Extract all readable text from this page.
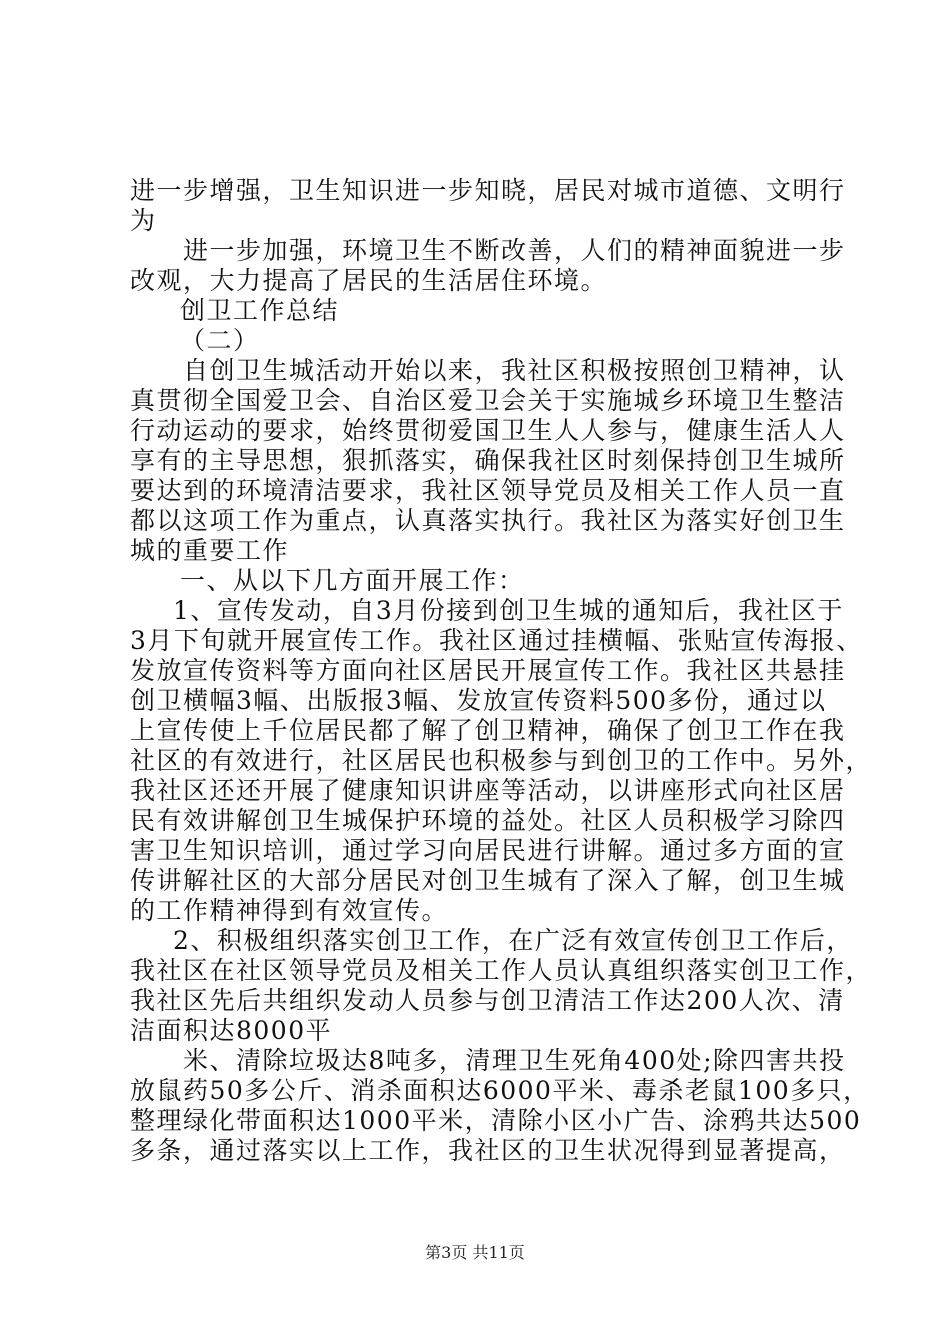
进一步增强，卫生知识进一步知晓，居民对城市道德、文明行
为
进一步加强，环境卫生不断改善，人们的精神面貌进一步
改观，大力提高了居民的生活居住环境。
创卫工作总结
（二）
自创卫生城活动开始以来，我社区积极按照创卫精神，认
真贯彻全国爱卫会、自治区爱卫会关于实施城乡环境卫生整洁
行动运动的要求，始终贯彻爱国卫生人人参与，健康生活人人
享有的主导思想，狠抓落实，确保我社区时刻保持创卫生城所
要达到的环境清洁要求，我社区领导党员及相关工作人员一直
都以这项工作为重点，认真落实执行。我社区为落实好创卫生
城的重要工作
一、从以下几方面开展工作：
1、宣传发动，自3月份接到创卫生城的通知后，我社区于
3月下旬就开展宣传工作。我社区通过挂横幅、张贴宣传海报、
发放宣传资料等方面向社区居民开展宣传工作。我社区共悬挂
创卫横幅3幅、出版报3幅、发放宣传资料500多份，通过以
上宣传使上千位居民都了解了创卫精神，确保了创卫工作在我
社区的有效进行，社区居民也积极参与到创卫的工作中。另外，
我社区还还开展了健康知识讲座等活动，以讲座形式向社区居
民有效讲解创卫生城保护环境的益处。社区人员积极学习除四
害卫生知识培训，通过学习向居民进行讲解。通过多方面的宣
传讲解社区的大部分居民对创卫生城有了深入了解，创卫生城
的工作精神得到有效宣传。
2、积极组织落实创卫工作，在广泛有效宣传创卫工作后，
我社区在社区领导党员及相关工作人员认真组织落实创卫工作，
我社区先后共组织发动人员参与创卫清洁工作达200人次、清
洁面积达8000平
米、清除垃圾达8吨多，清理卫生死角400处;除四害共投
放鼠药50多公斤、消杀面积达6000平米、毒杀老鼠100多只，
整理绿化带面积达1000平米，清除小区小广告、涂鸦共达500
多条，通过落实以上工作，我社区的卫生状况得到显著提高，
第3页 共11页
